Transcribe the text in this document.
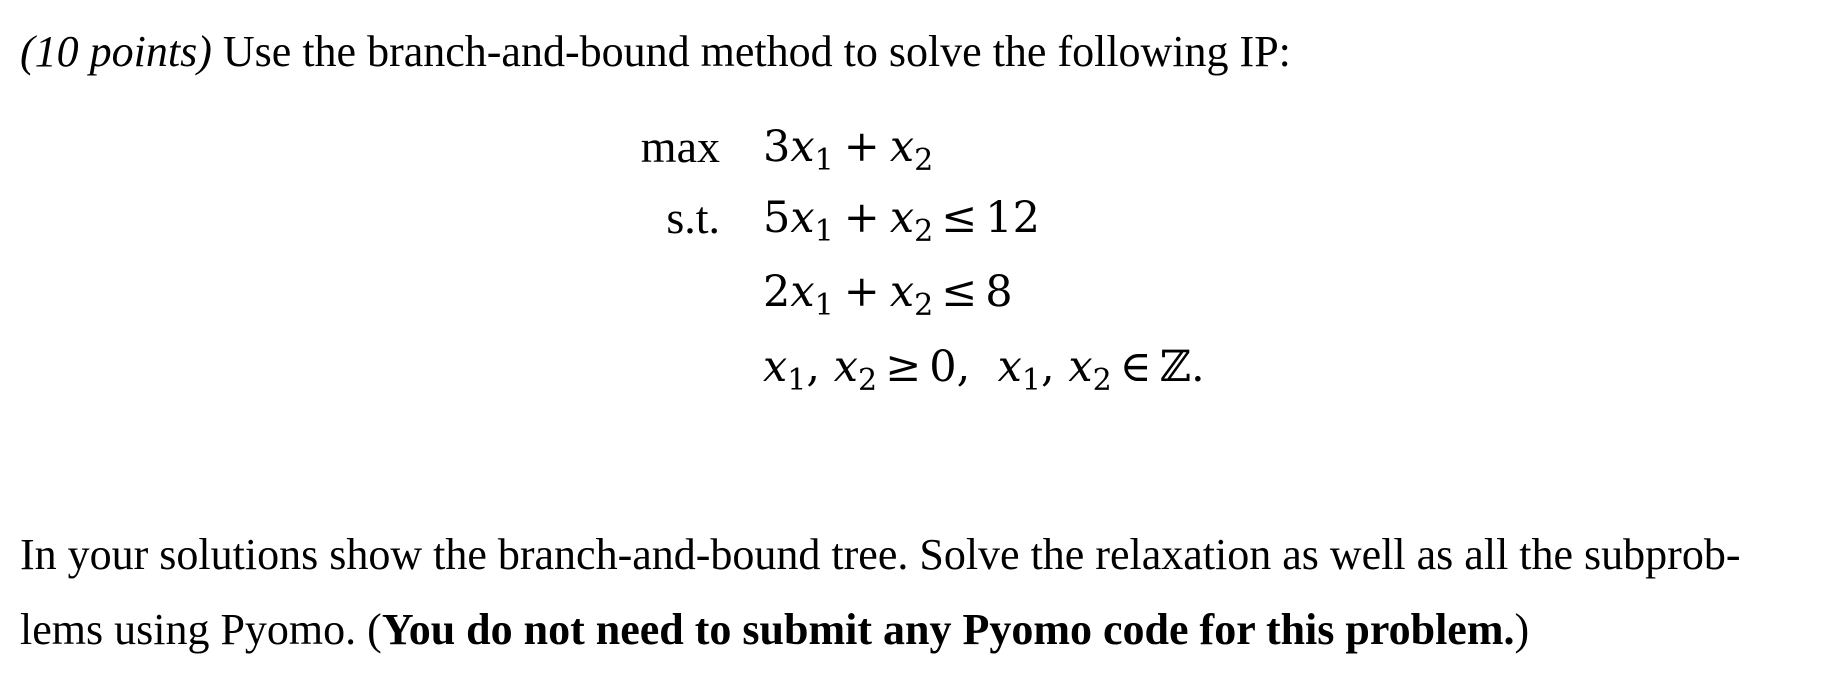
(10 points) Use the branch-and-bound method to solve the following IP:
$\max 3x_1 + x_2$
s.t. $5x_1 + x_2 \le 12$
$2x_1 + x_2 \le 8$
$x_1$, $x_2 \ge 0$,  $x_1$, $x_2$ ∈ ℤ.
In your solutions show the branch-and-bound tree. Solve the relaxation as well as all the subprob- lems using Pyomo. (You do not need to submit any Pyomo code for this problem.)
